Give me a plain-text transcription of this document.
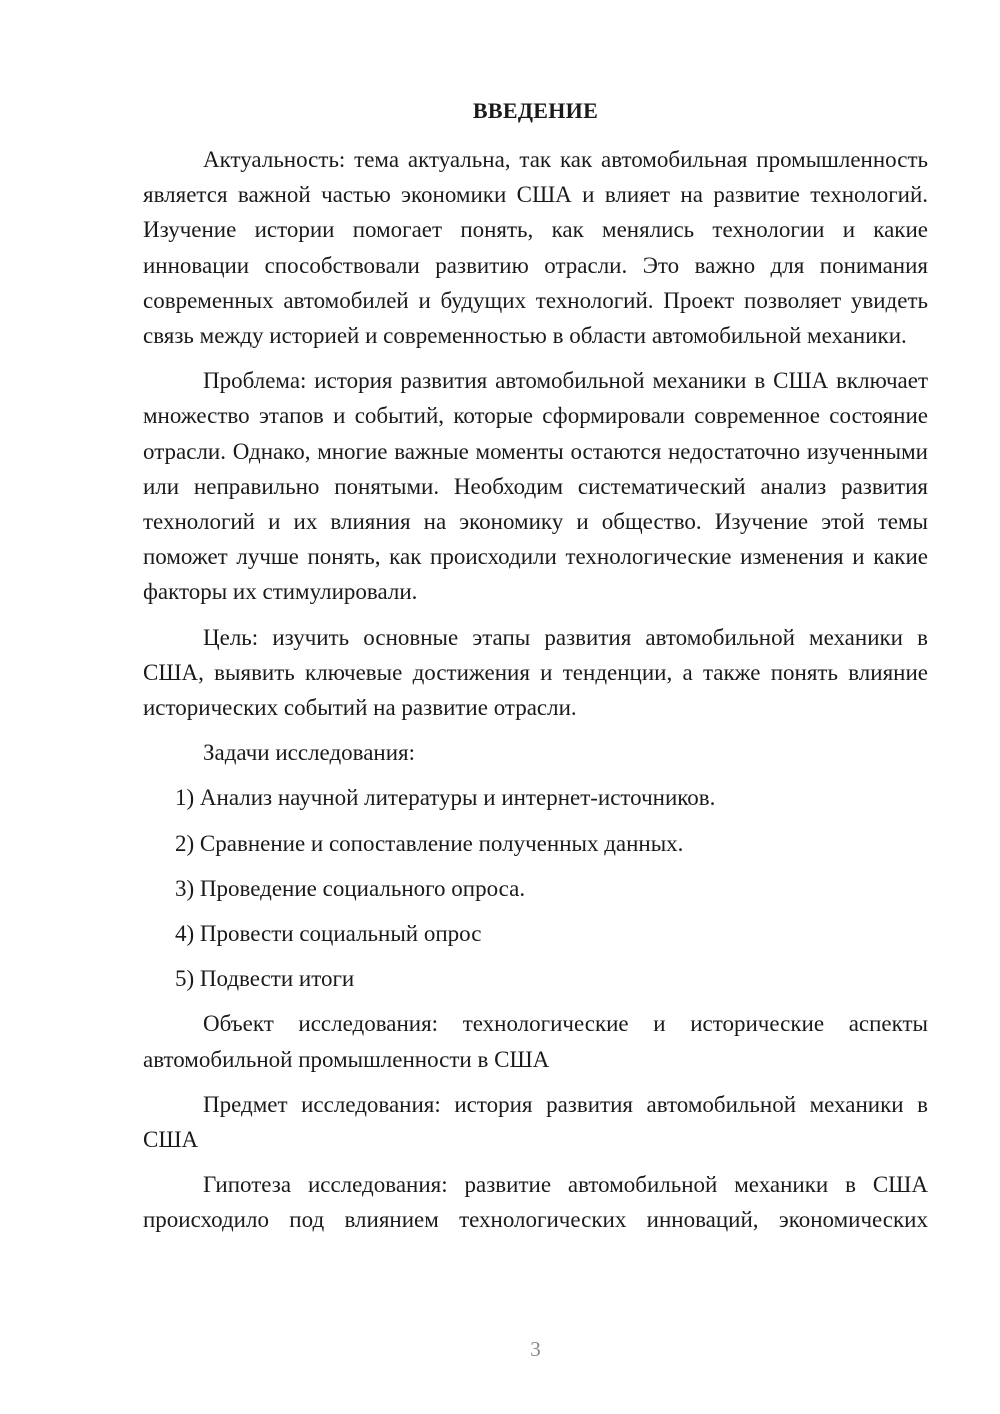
ВВЕДЕНИЕ

Актуальность: тема актуальна, так как автомобильная промышленность является важной частью экономики США и влияет на развитие технологий. Изучение истории помогает понять, как менялись технологии и какие инновации способствовали развитию отрасли. Это важно для понимания современных автомобилей и будущих технологий. Проект позволяет увидеть связь между историей и современностью в области автомобильной механики.

Проблема: история развития автомобильной механики в США включает множество этапов и событий, которые сформировали современное состояние отрасли. Однако, многие важные моменты остаются недостаточно изученными или неправильно понятыми. Необходим систематический анализ развития технологий и их влияния на экономику и общество. Изучение этой темы поможет лучше понять, как происходили технологические изменения и какие факторы их стимулировали.

Цель: изучить основные этапы развития автомобильной механики в США, выявить ключевые достижения и тенденции, а также понять влияние исторических событий на развитие отрасли.

Задачи исследования:

1) Анализ научной литературы и интернет-источников.

2) Сравнение и сопоставление полученных данных.

3) Проведение социального опроса.

4) Провести социальный опрос

5) Подвести итоги

Объект исследования: технологические и исторические аспекты автомобильной промышленности в США

Предмет исследования: история развития автомобильной механики в США

Гипотеза исследования: развитие автомобильной механики в США происходило под влиянием технологических инноваций, экономических

3
